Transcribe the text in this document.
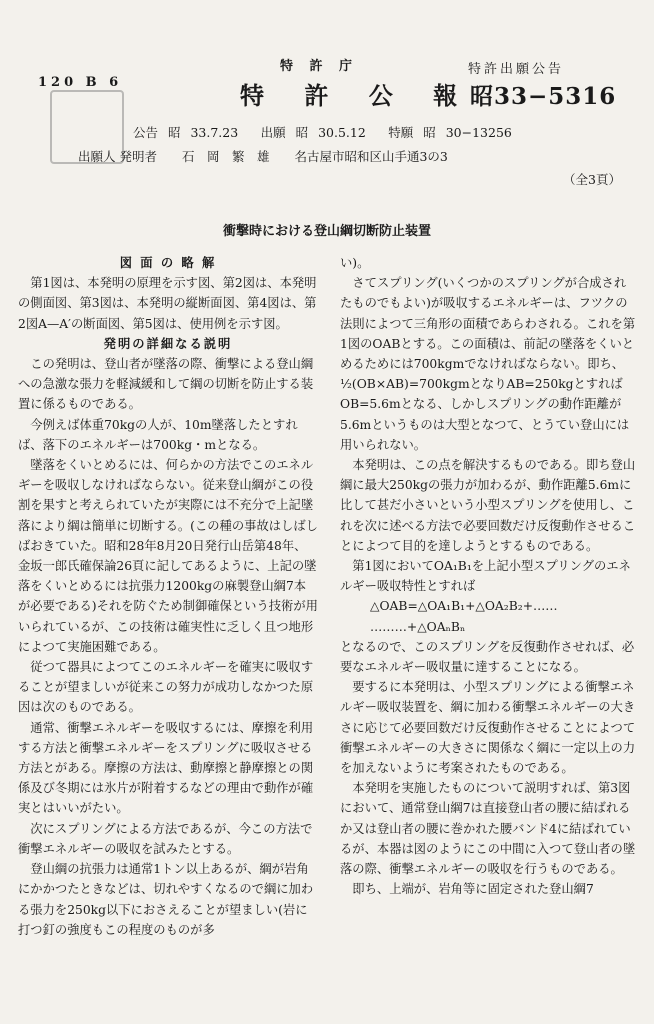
120 B 6
特 許 庁
特 許 公 報
特許出願公告
昭33−5316
公告 昭 33.7.23　 出願 昭 30.5.12　 特願 昭 30−13256
出願人 発明者　　石　岡　繁　雄　　名古屋市昭和区山手通3の3
（全3頁）
衝撃時における登山綱切断防止装置

図 面 の 略 解

第1図は、本発明の原理を示す図、第2図は、本発明の側面図、第3図は、本発明の縦断面図、第4図は、第2図A—A′の断面図、第5図は、使用例を示す図。

発明の詳細なる説明

この発明は、登山者が墜落の際、衝撃による登山綱への急激な張力を軽減緩和して綱の切断を防止する装置に係るものである。

今例えば体重70kgの人が、10m墜落したとすれば、落下のエネルギーは700kg・mとなる。

墜落をくいとめるには、何らかの方法でこのエネルギーを吸収しなければならない。従来登山綱がこの役割を果すと考えられていたが実際には不充分で上記墜落により綱は簡単に切断する。(この種の事故はしばしばおきていた。昭和28年8月20日発行山岳第48年、金坂一郎氏確保論26頁に記してあるように、上記の墜落をくいとめるには抗張力1200kgの麻製登山綱7本が必要である)それを防ぐため制御確保という技術が用いられているが、この技術は確実性に乏しく且つ地形によつて実施困難である。

従つて器具によつてこのエネルギーを確実に吸収することが望ましいが従来この努力が成功しなかつた原因は次のものである。

通常、衝撃エネルギーを吸収するには、摩擦を利用する方法と衝撃エネルギーをスプリングに吸収させる方法とがある。摩擦の方法は、動摩擦と静摩擦との関係及び冬期には氷片が附着するなどの理由で動作が確実とはいいがたい。

次にスプリングによる方法であるが、今この方法で衝撃エネルギーの吸収を試みたとする。

登山綱の抗張力は通常1トン以上あるが、綱が岩角にかかつたときなどは、切れやすくなるので綱に加わる張力を250kg以下におさえることが望ましい(岩に打つ釘の強度もこの程度のものが多

い)。

さてスプリング(いくつかのスプリングが合成されたものでもよい)が吸収するエネルギーは、フツクの法則によつて三角形の面積であらわされる。これを第1図のOABとする。この面積は、前記の墜落をくいとめるためには700kgmでなければならない。即ち、½(OB×AB)=700kgmとなりAB=250kgとすればOB=5.6mとなる、しかしスプリングの動作距離が5.6mというものは大型となつて、とうてい登山には用いられない。

本発明は、この点を解決するものである。即ち登山綱に最大250kgの張力が加わるが、動作距離5.6mに比して甚だ小さいという小型スプリングを使用し、これを次に述べる方法で必要回数だけ反復動作させることによつて目的を達しようとするものである。

第1図においてOA₁B₁を上記小型スプリングのエネルギー吸収特性とすれば

△OAB=△OA₁B₁+△OA₂B₂+……

………+△OAₙBₙ

となるので、このスプリングを反復動作させれば、必要なエネルギー吸収量に達することになる。

要するに本発明は、小型スプリングによる衝撃エネルギー吸収装置を、綱に加わる衝撃エネルギーの大きさに応じて必要回数だけ反復動作させることによつて衝撃エネルギーの大きさに関係なく綱に一定以上の力を加えないように考案されたものである。

本発明を実施したものについて説明すれば、第3図において、通常登山綱7は直接登山者の腰に結ばれるか又は登山者の腰に巻かれた腰バンド4に結ばれているが、本器は図のようにこの中間に入つて登山者の墜落の際、衝撃エネルギーの吸収を行うものである。

即ち、上端が、岩角等に固定された登山綱7
